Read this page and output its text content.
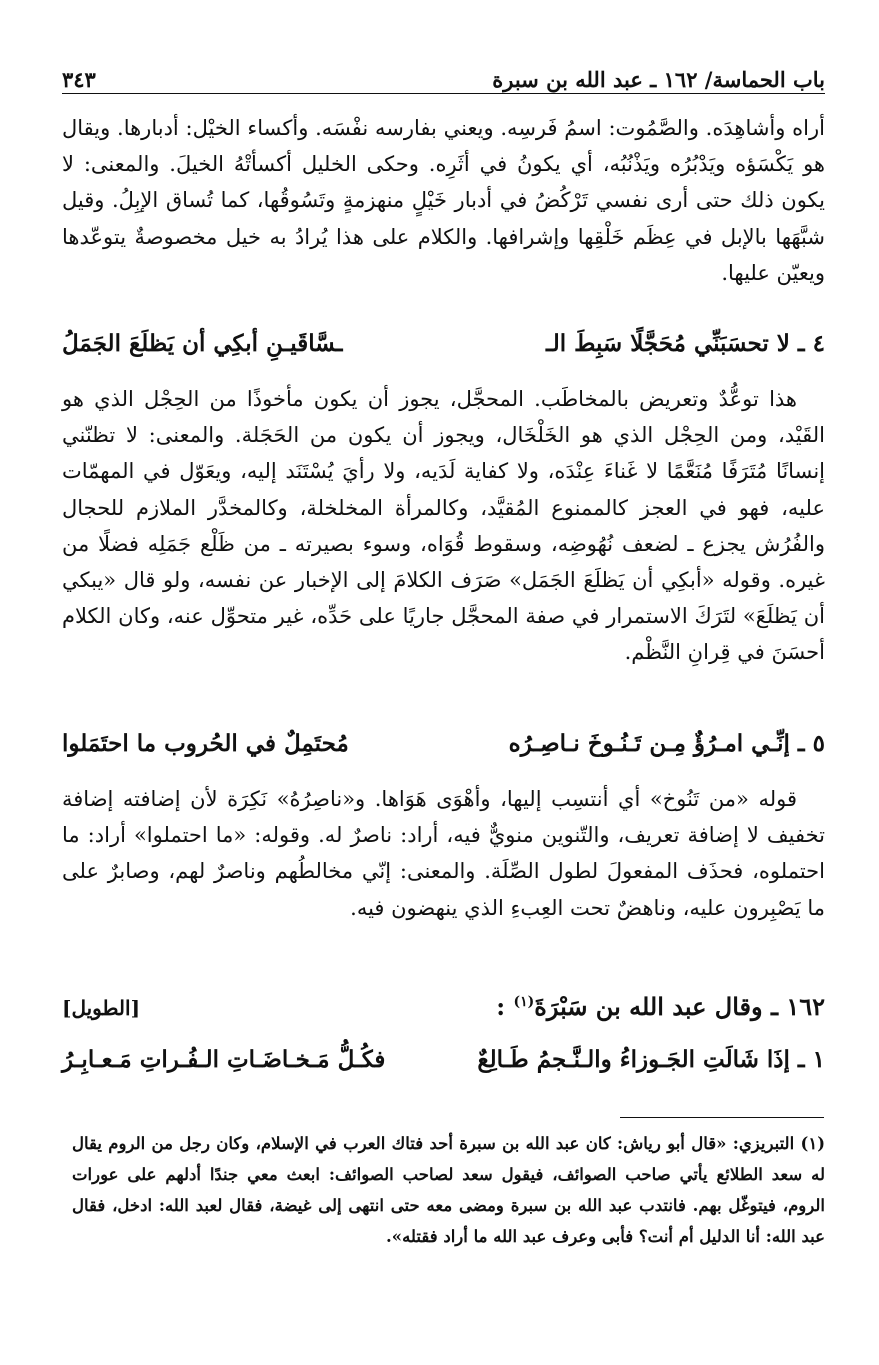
باب الحماسة/ ١٦٢ ـ عبد الله بن سبرة
٣٤٣

أراه وأشاهِدَه. والصَّمُوت: اسمُ فَرسِه. ويعني بفارسه نفْسَه. وأكساء الخيْل: أدبارها. ويقال هو يَكْسَؤه ويَدْبُرُه ويَذْنُبُه، أي يكونُ في أثَرِه. وحكى الخليل أكسأتْهُ الخيلَ. والمعنى: لا يكون ذلك حتى أرى نفسي تَرْكُضُ في أدبار خَيْلٍ منهزمةٍ وتَسُوقُها، كما تُساق الإبِلُ. وقيل شبَّهَها بالإبل في عِظَم خَلْقِها وإشرافها. والكلام على هذا يُرادُ به خيل مخصوصةٌ يتوعّدها ويعيّن عليها.

٤ ـ لا تحسَبَنِّي مُحَجَّلًا سَبِطَ الـ
ـسَّاقَيـنِ أبكِي أن يَظلَعَ الجَمَلُ

هذا توعُّدٌ وتعريض بالمخاطَب. المحجَّل، يجوز أن يكون مأخوذًا من الحِجْل الذي هو القَيْد، ومن الحِجْل الذي هو الخَلْخَال، ويجوز أن يكون من الحَجَلة. والمعنى: لا تظنّني إنسانًا مُتَرَفًا مُنَعَّمًا لا غَناءَ عِنْدَه، ولا كفاية لَدَيه، ولا رأيَ يُسْتَنَد إليه، ويعَوّل في المهمّات عليه، فهو في العجز كالممنوع المُقيَّد، وكالمرأة المخلخلة، وكالمخدَّر الملازم للحجال والفُرُش يجزع ـ لضعف نُهُوضِه، وسقوط قُوَاه، وسوء بصيرته ـ من ظَلْع جَمَلِه فضلًا من غيره. وقوله «أبكِي أن يَظلَعَ الجَمَل» صَرَف الكلامَ إلى الإخبار عن نفسه، ولو قال «يبكي أن يَظلَعَ» لتَرَكَ الاستمرار في صفة المحجَّل جاريًا على حَدِّه، غير متحوِّل عنه، وكان الكلام أحسَنَ في قِرانِ النَّظْم.

٥ ـ إنِّـي امـرُؤٌ مِـن تَـنُـوخَ نـاصِـرُه
مُحتَمِلٌ في الحُروب ما احتَمَلوا

قوله «من تَنُوخ» أي أنتسِب إليها، وأهْوَى هَوَاها. و«ناصِرُهُ» نَكِرَة لأن إضافته إضافة تخفيف لا إضافة تعريف، والتّنوين منويٌّ فيه، أراد: ناصرٌ له. وقوله: «ما احتملوا» أراد: ما احتملوه، فحذَف المفعولَ لطول الصِّلَة. والمعنى: إنّي مخالطُهم وناصرٌ لهم، وصابرٌ على ما يَصْبِرون عليه، وناهضٌ تحت العِبءِ الذي ينهضون فيه.

١٦٢ ـ وقال عبد الله بن سَبْرَةَ$^{(١)}$ :
[الطويل]
١ ـ إذَا شَالَتِ الجَـوزاءُ والـنَّـجمُ طَـالِعٌ
فكُـلُّ مَـخـاضَـاتِ الـفُـراتِ مَـعـابِـرُ
(١) التبريزي: «قال أبو رياش: كان عبد الله بن سبرة أحد فتاك العرب في الإسلام، وكان رجل من الروم يقال له سعد الطلائع يأتي صاحب الصوائف، فيقول سعد لصاحب الصوائف: ابعث معي جندًا أدلهم على عورات الروم، فيتوغّل بهم. فانتدب عبد الله بن سبرة ومضى معه حتى انتهى إلى غيضة، فقال لعبد الله: ادخل، فقال عبد الله: أنا الدليل أم أنت؟ فأبى وعرف عبد الله ما أراد فقتله».
